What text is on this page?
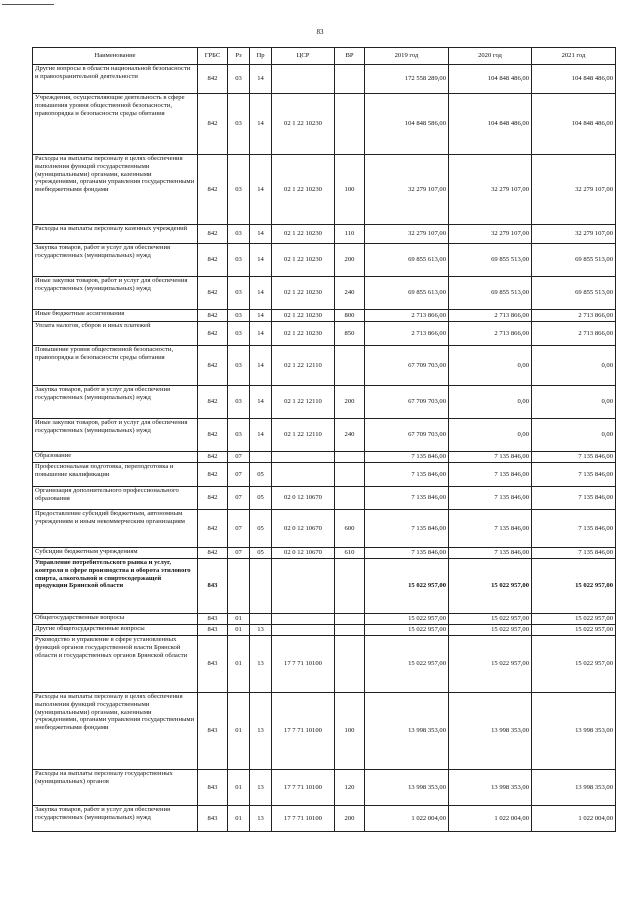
83
Наименование	ГРБС	Рз	Пр	ЦСР	ВР	2019 год	2020 год	2021 год
Другие вопросы в области национальной безопасности и правоохранительной деятельности	842	03	14			172 558 289,00	104 848 486,00	104 848 486,00
Учреждения, осуществляющие деятельность в сфере повышения уровня общественной безопасности, правопорядка и безопасности среды обитания	842	03	14	02 1 22 10230		104 848 586,00	104 848 486,00	104 848 486,00
Расходы на выплаты персоналу в целях обеспечения выполнения функций государственными (муниципальными) органами, казенными учреждениями, органами управления государственными внебюджетными фондами	842	03	14	02 1 22 10230	100	32 279 107,00	32 279 107,00	32 279 107,00
Расходы на выплаты персоналу казенных учреждений	842	03	14	02 1 22 10230	110	32 279 107,00	32 279 107,00	32 279 107,00
Закупка товаров, работ и услуг для обеспечения государственных (муниципальных) нужд	842	03	14	02 1 22 10230	200	69 855 613,00	69 855 513,00	69 855 513,00
Иные закупки товаров, работ и услуг для обеспечения государственных (муниципальных) нужд	842	03	14	02 1 22 10230	240	69 855 613,00	69 855 513,00	69 855 513,00
Иные бюджетные ассигнования	842	03	14	02 1 22 10230	800	2 713 866,00	2 713 866,00	2 713 866,00
Уплата налогов, сборов и иных платежей	842	03	14	02 1 22 10230	850	2 713 866,00	2 713 866,00	2 713 866,00
Повышение уровня общественной безопасности, правопорядка и безопасности среды обитания	842	03	14	02 1 22 12110		67 709 703,00	0,00	0,00
Закупка товаров, работ и услуг для обеспечения государственных (муниципальных) нужд	842	03	14	02 1 22 12110	200	67 709 703,00	0,00	0,00
Иные закупки товаров, работ и услуг для обеспечения государственных (муниципальных) нужд	842	03	14	02 1 22 12110	240	67 709 703,00	0,00	0,00
Образование	842	07				7 135 846,00	7 135 846,00	7 135 846,00
Профессиональная подготовка, переподготовка и повышение квалификации	842	07	05			7 135 846,00	7 135 846,00	7 135 846,00
Организация дополнительного профессионального образования	842	07	05	02 0 12 10670		7 135 846,00	7 135 846,00	7 135 846,00
Предоставление субсидий бюджетным, автономным учреждениям и иным некоммерческим организациям	842	07	05	02 0 12 10670	600	7 135 846,00	7 135 846,00	7 135 846,00
Субсидии бюджетным учреждениям	842	07	05	02 0 12 10670	610	7 135 846,00	7 135 846,00	7 135 846,00
Управление потребительского рынка и услуг, контроля в сфере производства и оборота этилового спирта, алкогольной и спиртосодержащей продукции Брянской области	843					15 022 957,00	15 022 957,00	15 022 957,00
Общегосударственные вопросы	843	01				15 022 957,00	15 022 957,00	15 022 957,00
Другие общегосударственные вопросы	843	01	13			15 022 957,00	15 022 957,00	15 022 957,00
Руководство и управление в сфере установленных функций органов государственной власти Брянской области и государственных органов Брянской области	843	01	13	17 7 71 10100		15 022 957,00	15 022 957,00	15 022 957,00
Расходы на выплаты персоналу в целях обеспечения выполнения функций государственными (муниципальными) органами, казенными учреждениями, органами управления государственными внебюджетными фондами	843	01	13	17 7 71 10100	100	13 998 353,00	13 998 353,00	13 998 353,00
Расходы на выплаты персоналу государственных (муниципальных) органов	843	01	13	17 7 71 10100	120	13 998 353,00	13 998 353,00	13 998 353,00
Закупка товаров, работ и услуг для обеспечения государственных (муниципальных) нужд	843	01	13	17 7 71 10100	200	1 022 004,00	1 022 004,00	1 022 004,00
